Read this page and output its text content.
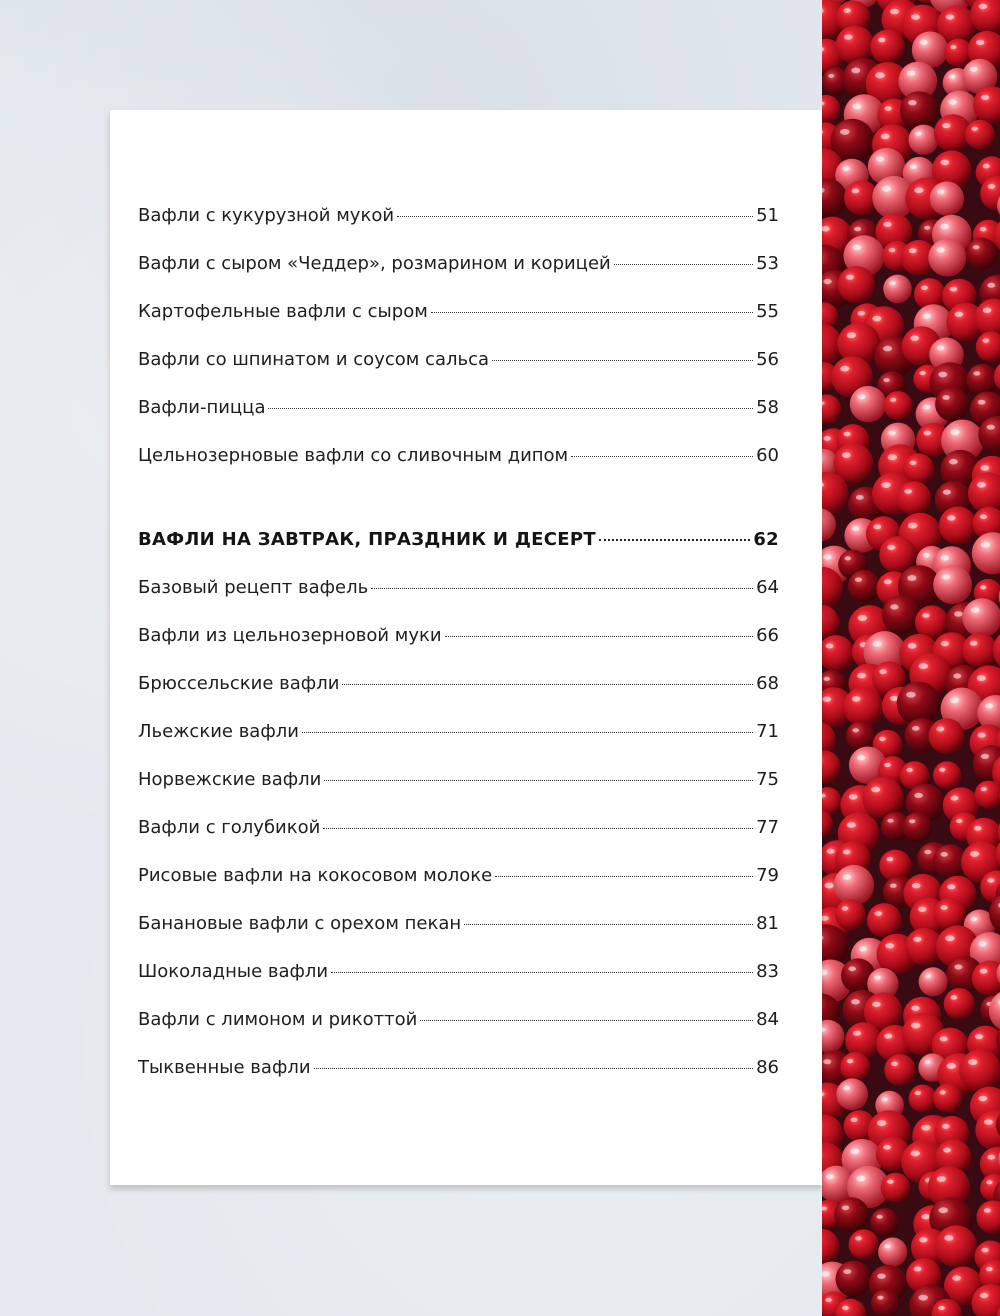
Вафли с кукурузной мукой	51
Вафли с сыром «Чеддер», розмарином и корицей	53
Картофельные вафли с сыром	55
Вафли со шпинатом и соусом сальса	56
Вафли-пицца	58
Цельнозерновые вафли со сливочным дипом	60
ВАФЛИ НА ЗАВТРАК, ПРАЗДНИК И ДЕСЕРТ	62
Базовый рецепт вафель	64
Вафли из цельнозерновой муки	66
Брюссельские вафли	68
Льежские вафли	71
Норвежские вафли	75
Вафли с голубикой	77
Рисовые вафли на кокосовом молоке	79
Банановые вафли с орехом пекан	81
Шоколадные вафли	83
Вафли с лимоном и рикоттой	84
Тыквенные вафли	86
